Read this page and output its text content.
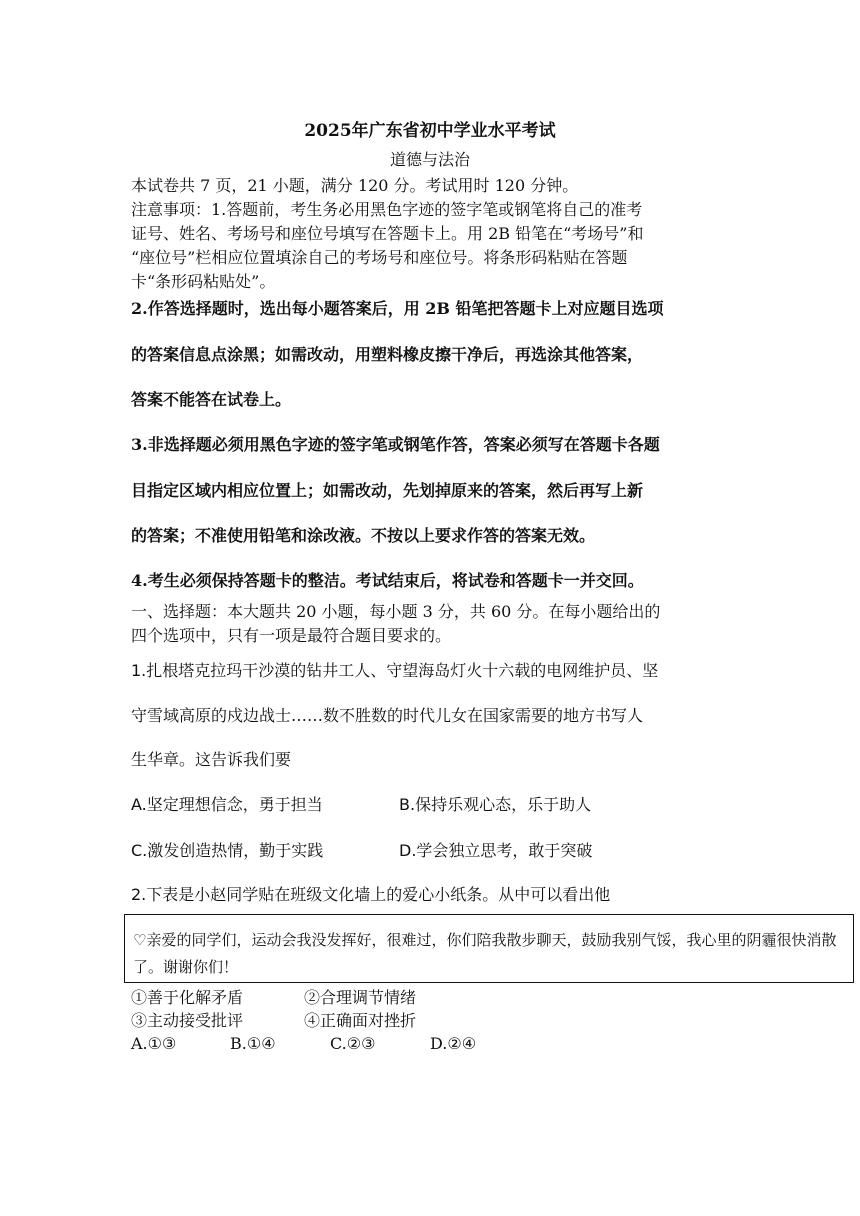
2025年广东省初中学业水平考试
道德与法治
本试卷共 7 页，21 小题，满分 120 分。考试用时 120 分钟。
注意事项：1.答题前，考生务必用黑色字迹的签字笔或钢笔将自己的准考
证号、姓名、考场号和座位号填写在答题卡上。用 2B 铅笔在“考场号”和
“座位号”栏相应位置填涂自己的考场号和座位号。将条形码粘贴在答题
卡“条形码粘贴处”。
2.作答选择题时，选出每小题答案后，用 2B 铅笔把答题卡上对应题目选项
的答案信息点涂黑；如需改动，用塑料橡皮擦干净后，再选涂其他答案，
答案不能答在试卷上。
3.非选择题必须用黑色字迹的签字笔或钢笔作答，答案必须写在答题卡各题
目指定区域内相应位置上；如需改动，先划掉原来的答案，然后再写上新
的答案；不准使用铅笔和涂改液。不按以上要求作答的答案无效。
4.考生必须保持答题卡的整洁。考试结束后，将试卷和答题卡一并交回。
一、选择题：本大题共 20 小题，每小题 3 分，共 60 分。在每小题给出的
四个选项中，只有一项是最符合题目要求的。
1.扎根塔克拉玛干沙漠的钻井工人、守望海岛灯火十六载的电网维护员、坚
守雪域高原的戍边战士……数不胜数的时代儿女在国家需要的地方书写人
生华章。这告诉我们要
A.坚定理想信念，勇于担当	B.保持乐观心态，乐于助人
C.激发创造热情，勤于实践	D.学会独立思考，敢于突破
2.下表是小赵同学贴在班级文化墙上的爱心小纸条。从中可以看出他
♡亲爱的同学们，运动会我没发挥好，很难过，你们陪我散步聊天，鼓励我别气馁，我心里的阴霾很快消散了。谢谢你们！
①善于化解矛盾	②合理调节情绪
③主动接受批评	④正确面对挫折
A.①③	B.①④	C.②③	D.②④
